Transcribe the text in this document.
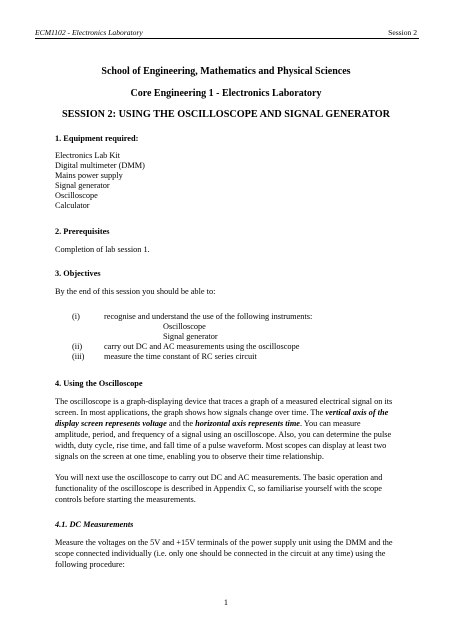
ECM1102 - Electronics Laboratory	Session 2
School of Engineering, Mathematics and Physical Sciences
Core Engineering 1 - Electronics Laboratory
SESSION 2: USING THE OSCILLOSCOPE AND SIGNAL GENERATOR
1. Equipment required:
Electronics Lab Kit
Digital multimeter (DMM)
Mains power supply
Signal generator
Oscilloscope
Calculator
2. Prerequisites
Completion of lab session 1.
3. Objectives
By the end of this session you should be able to:
(i)	recognise and understand the use of the following instruments:
Oscilloscope
Signal generator
(ii)	carry out DC and AC measurements using the oscilloscope
(iii) measure the time constant of RC series circuit
4. Using the Oscilloscope
The oscilloscope is a graph-displaying device that traces a graph of a measured electrical signal on its
screen. In most applications, the graph shows how signals change over time. The vertical axis of the
display screen represents voltage and the horizontal axis represents time. You can measure
amplitude, period, and frequency of a signal using an oscilloscope. Also, you can determine the pulse
width, duty cycle, rise time, and fall time of a pulse waveform. Most scopes can display at least two
signals on the screen at one time, enabling you to observe their time relationship.
You will next use the oscilloscope to carry out DC and AC measurements. The basic operation and
functionality of the oscilloscope is described in Appendix C, so familiarise yourself with the scope
controls before starting the measurements.
4.1. DC Measurements
Measure the voltages on the 5V and +15V terminals of the power supply unit using the DMM and the
scope connected individually (i.e. only one should be connected in the circuit at any time) using the
following procedure:
1
